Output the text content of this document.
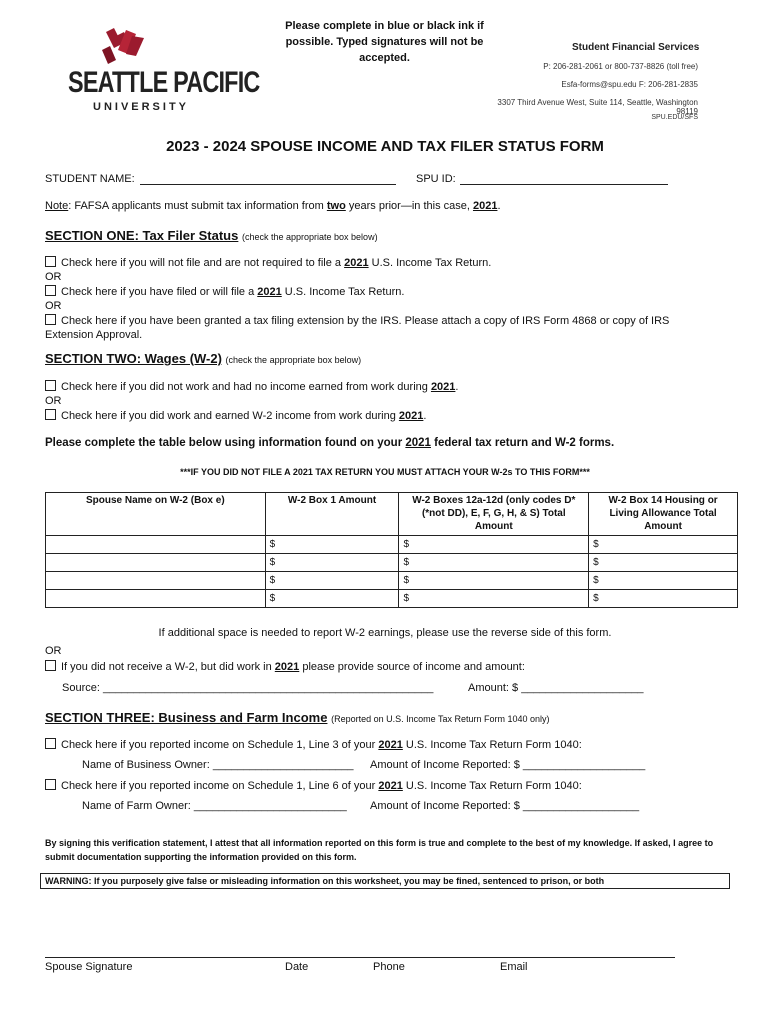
SEATTLE PACIFIC
UNIVERSITY
Please complete in blue or black ink if possible. Typed signatures will not be accepted.
Student Financial Services
P: 206-281-2061 or 800-737-8826 (toll free)
Esfa-forms@spu.edu F: 206-281-2835
3307 Third Avenue West, Suite 114, Seattle, Washington 98119
SPU.EDU/SFS
2023 - 2024 SPOUSE INCOME AND TAX FILER STATUS FORM
STUDENT NAME:	SPU ID:
Note: FAFSA applicants must submit tax information from two years prior—in this case, 2021.
SECTION ONE: Tax Filer Status (check the appropriate box below)
Check here if you will not file and are not required to file a 2021 U.S. Income Tax Return.
OR
Check here if you have filed or will file a 2021 U.S. Income Tax Return.
OR
Check here if you have been granted a tax filing extension by the IRS. Please attach a copy of IRS Form 4868 or copy of IRS
Extension Approval.
SECTION TWO: Wages (W-2) (check the appropriate box below)
Check here if you did not work and had no income earned from work during 2021.
OR
Check here if you did work and earned W-2 income from work during 2021.
Please complete the table below using information found on your 2021 federal tax return and W-2 forms.
***IF YOU DID NOT FILE A 2021 TAX RETURN YOU MUST ATTACH YOUR W-2s TO THIS FORM***
Spouse Name on W-2 (Box e)	W-2 Box 1 Amount	W-2 Boxes 12a-12d (only codes D* (*not DD), E, F, G, H, & S) Total Amount	W-2 Box 14 Housing or Living Allowance Total Amount
	$	$	$
	$	$	$
	$	$	$
	$	$	$
If additional space is needed to report W-2 earnings, please use the reverse side of this form.
OR
If you did not receive a W-2, but did work in 2021 please provide source of income and amount:
Source: ______________________________________________________	Amount: $ ____________________
SECTION THREE: Business and Farm Income (Reported on U.S. Income Tax Return Form 1040 only)
Check here if you reported income on Schedule 1, Line 3 of your 2021 U.S. Income Tax Return Form 1040:
Name of Business Owner: _______________________ Amount of Income Reported: $ ____________________
Check here if you reported income on Schedule 1, Line 6 of your 2021 U.S. Income Tax Return Form 1040:
Name of Farm Owner: _________________________ Amount of Income Reported: $ ___________________
By signing this verification statement, I attest that all information reported on this form is true and complete to the best of my knowledge. If asked, I agree to submit documentation supporting the information provided on this form.
WARNING: If you purposely give false or misleading information on this worksheet, you may be fined, sentenced to prison, or both
Spouse Signature	Date	Phone	Email
